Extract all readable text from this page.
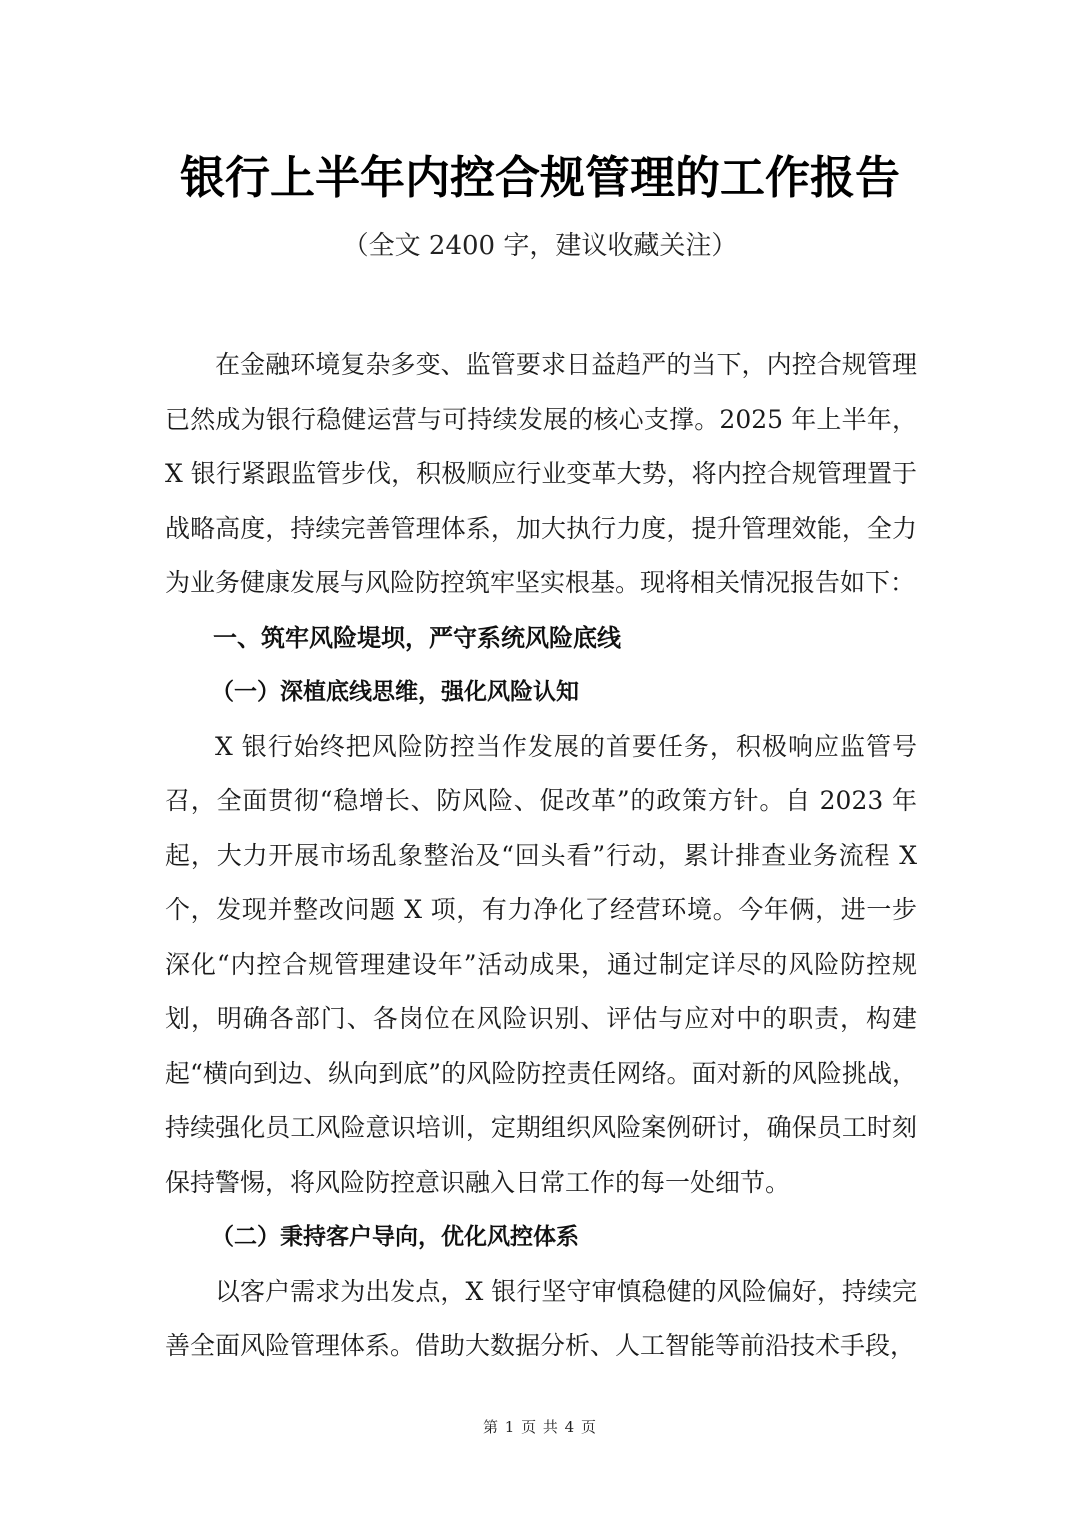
银行上半年内控合规管理的工作报告
（全文 2400 字，建议收藏关注）

在金融环境复杂多变、监管要求日益趋严的当下，内控合规管理已然成为银行稳健运营与可持续发展的核心支撑。2025 年上半年，X 银行紧跟监管步伐，积极顺应行业变革大势，将内控合规管理置于战略高度，持续完善管理体系，加大执行力度，提升管理效能，全力为业务健康发展与风险防控筑牢坚实根基。现将相关情况报告如下：

一、筑牢风险堤坝，严守系统风险底线

（一）深植底线思维，强化风险认知

X 银行始终把风险防控当作发展的首要任务，积极响应监管号召，全面贯彻“稳增长、防风险、促改革”的政策方针。自 2023 年起，大力开展市场乱象整治及“回头看”行动，累计排查业务流程 X 个，发现并整改问题 X 项，有力净化了经营环境。今年俩，进一步深化“内控合规管理建设年”活动成果，通过制定详尽的风险防控规划，明确各部门、各岗位在风险识别、评估与应对中的职责，构建起“横向到边、纵向到底”的风险防控责任网络。面对新的风险挑战，持续强化员工风险意识培训，定期组织风险案例研讨，确保员工时刻保持警惕，将风险防控意识融入日常工作的每一处细节。

（二）秉持客户导向，优化风控体系

以客户需求为出发点，X 银行坚守审慎稳健的风险偏好，持续完善全面风险管理体系。借助大数据分析、人工智能等前沿技术手段，

第 1 页 共 4 页
